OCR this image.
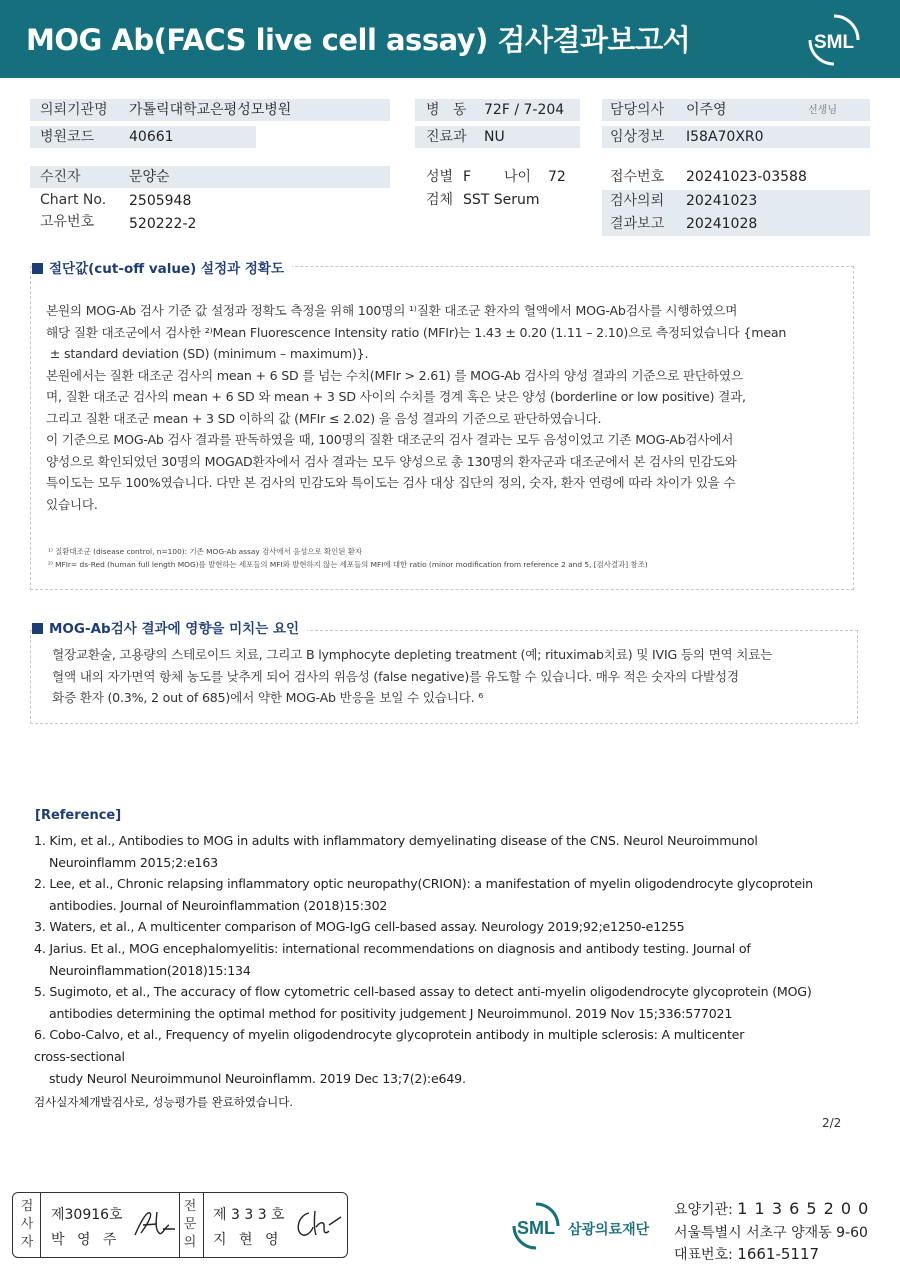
MOG Ab(FACS live cell assay) 검사결과보고서	SML
의뢰기관명 가톨릭대학교은평성모병원
병원코드 40661
병   동 72F / 7-204
진료과 NU
담당의사 이주영	선생님
임상정보 I58A70XR0
수진자	문양순
Chart No. 2505948
고유번호 520222-2
성별 F 나이 72
검체 SST Serum
접수번호 20241023-03588
검사의뢰 20241023
결과보고 20241028
절단값(cut-off value) 설정과 정확도
본원의 MOG-Ab 검사 기준 값 설정과 정확도 측정을 위해 100명의 ¹⁾질환 대조군 환자의 혈액에서 MOG-Ab검사를 시행하였으며
해당 질환 대조군에서 검사한 ²⁾Mean Fluorescence Intensity ratio (MFIr)는 1.43 ± 0.20 (1.11 – 2.10)으로 측정되었습니다 {mean
± standard deviation (SD) (minimum – maximum)}.
본원에서는 질환 대조군 검사의 mean + 6 SD 를 넘는 수치(MFIr > 2.61) 를 MOG-Ab 검사의 양성 결과의 기준으로 판단하였으
며, 질환 대조군 검사의 mean + 6 SD 와 mean + 3 SD 사이의 수치를 경계 혹은 낮은 양성 (borderline or low positive) 결과,
그리고 질환 대조군 mean + 3 SD 이하의 값 (MFIr ≤ 2.02) 을 음성 결과의 기준으로 판단하였습니다.
이 기준으로 MOG-Ab 검사 결과를 판독하였을 때, 100명의 질환 대조군의 검사 결과는 모두 음성이었고 기존 MOG-Ab검사에서
양성으로 확인되었던 30명의 MOGAD환자에서 검사 결과는 모두 양성으로 총 130명의 환자군과 대조군에서 본 검사의 민감도와
특이도는 모두 100%였습니다. 다만 본 검사의 민감도와 특이도는 검사 대상 집단의 정의, 숫자, 환자 연령에 따라 차이가 있을 수
있습니다.
¹⁾ 질환대조군 (disease control, n=100): 기존 MOG-Ab assay 검사에서 음성으로 확인된 환자
²⁾ MFIr= ds-Red (human full length MOG)를 발현하는 세포들의 MFI와 발현하지 않는 세포들의 MFI에 대한 ratio (minor modification from reference 2 and 5, [검사결과] 참조)
MOG-Ab검사 결과에 영향을 미치는 요인
혈장교환술, 고용량의 스테로이드 치료, 그리고 B lymphocyte depleting treatment (예; rituximab치료) 및 IVIG 등의 면역 치료는
혈액 내의 자가면역 항체 농도를 낮추게 되어 검사의 위음성 (false negative)를 유도할 수 있습니다. 매우 적은 숫자의 다발성경
화증 환자 (0.3%, 2 out of 685)에서 약한 MOG-Ab 반응을 보일 수 있습니다. ⁶
[Reference]
1. Kim, et al., Antibodies to MOG in adults with inflammatory demyelinating disease of the CNS. Neurol Neuroimmunol
Neuroinflamm 2015;2:e163
2. Lee, et al., Chronic relapsing inflammatory optic neuropathy(CRION): a manifestation of myelin oligodendrocyte glycoprotein
antibodies. Journal of Neuroinflammation (2018)15:302
3. Waters, et al., A multicenter comparison of MOG-IgG cell-based assay. Neurology 2019;92;e1250-e1255
4. Jarius. Et al., MOG encephalomyelitis: international recommendations on diagnosis and antibody testing. Journal of
Neuroinflammation(2018)15:134
5. Sugimoto, et al., The accuracy of flow cytometric cell-based assay to detect anti-myelin oligodendrocyte glycoprotein (MOG)
antibodies determining the optimal method for positivity judgement J Neuroimmunol. 2019 Nov 15;336:577021
6. Cobo-Calvo, et al., Frequency of myelin oligodendrocyte glycoprotein antibody in multiple sclerosis: A multicenter
cross-sectional
study Neurol Neuroimmunol Neuroinflamm. 2019 Dec 13;7(2):e649.
검사실자체개발검사로, 성능평가를 완료하였습니다.
2/2
검사자
제30916호
박 영 주
전문의
제 3 3 3 호
지 현 영
SML 삼광의료재단
요양기관: 1 1 3 6 5 2 0 0
서울특별시 서초구 양재동 9-60
대표번호: 1661-5117
